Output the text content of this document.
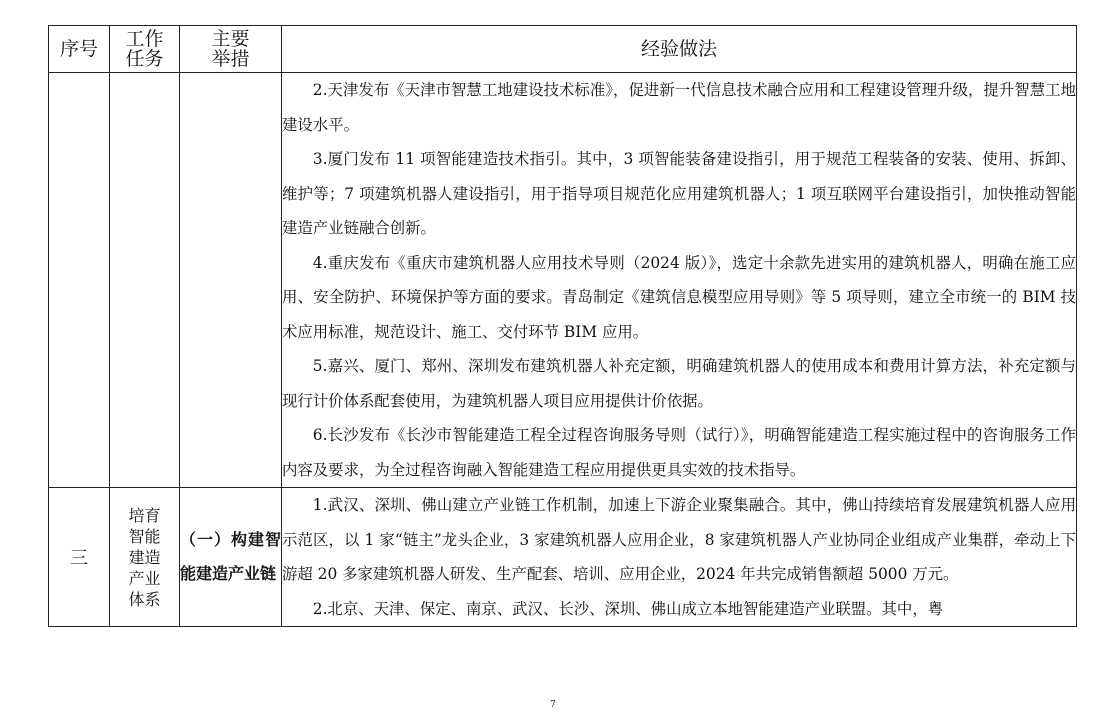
序号	工作任务	主要举措	经验做法

			2.天津发布《天津市智慧工地建设技术标准》，促进新一代信息技术融合应用和工程建设管理升级，提升智慧工地建设水平。

3.厦门发布 11 项智能建造技术指引。其中，3 项智能装备建设指引，用于规范工程装备的安装、使用、拆卸、维护等；7 项建筑机器人建设指引，用于指导项目规范化应用建筑机器人；1 项互联网平台建设指引，加快推动智能建造产业链融合创新。

4.重庆发布《重庆市建筑机器人应用技术导则（2024 版）》，选定十余款先进实用的建筑机器人，明确在施工应用、安全防护、环境保护等方面的要求。青岛制定《建筑信息模型应用导则》等 5 项导则，建立全市统一的 BIM 技术应用标准，规范设计、施工、交付环节 BIM 应用。

5.嘉兴、厦门、郑州、深圳发布建筑机器人补充定额，明确建筑机器人的使用成本和费用计算方法，补充定额与现行计价体系配套使用，为建筑机器人项目应用提供计价依据。

6.长沙发布《长沙市智能建造工程全过程咨询服务导则（试行）》，明确智能建造工程实施过程中的咨询服务工作内容及要求，为全过程咨询融入智能建造工程应用提供更具实效的技术指导。

三	培育智能建造产业体系	（一）构建智能建造产业链	1.武汉、深圳、佛山建立产业链工作机制，加速上下游企业聚集融合。其中，佛山持续培育发展建筑机器人应用示范区，以 1 家“链主”龙头企业，3 家建筑机器人应用企业，8 家建筑机器人产业协同企业组成产业集群，牵动上下游超 20 多家建筑机器人研发、生产配套、培训、应用企业，2024 年共完成销售额超 5000 万元。

2.北京、天津、保定、南京、武汉、长沙、深圳、佛山成立本地智能建造产业联盟。其中，粤

7
